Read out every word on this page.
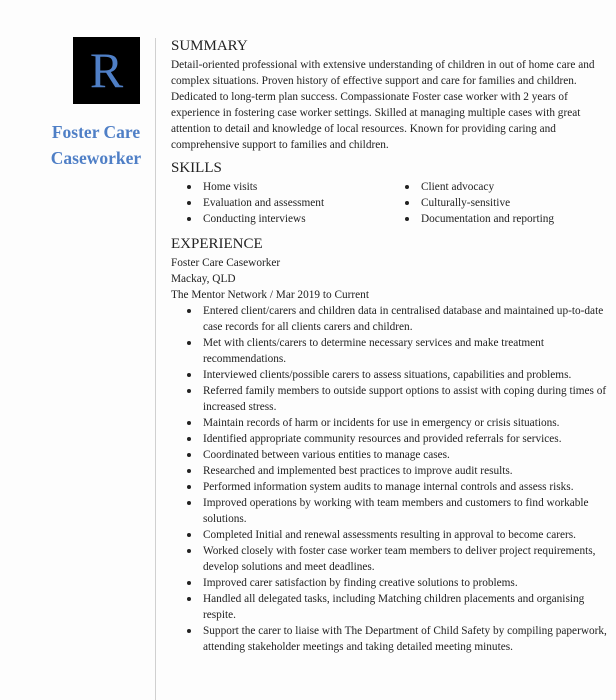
R
Foster Care
Caseworker
SUMMARY

Detail-oriented professional with extensive understanding of children in out of home care and complex situations. Proven history of effective support and care for families and children. Dedicated to long-term plan success. Compassionate Foster case worker with 2 years of experience in fostering case worker settings. Skilled at managing multiple cases with great attention to detail and knowledge of local resources. Known for providing caring and comprehensive support to families and children.

SKILLS
Home visits
Evaluation and assessment
Conducting interviews
Client advocacy
Culturally-sensitive
Documentation and reporting
EXPERIENCE
Foster Care Caseworker
Mackay, QLD
The Mentor Network / Mar 2019 to Current
Entered client/carers and children data in centralised database and maintained up-to-date case records for all clients carers and children.
Met with clients/carers to determine necessary services and make treatment recommendations.
Interviewed clients/possible carers to assess situations, capabilities and problems.
Referred family members to outside support options to assist with coping during times of increased stress.
Maintain records of harm or incidents for use in emergency or crisis situations.
Identified appropriate community resources and provided referrals for services.
Coordinated between various entities to manage cases.
Researched and implemented best practices to improve audit results.
Performed information system audits to manage internal controls and assess risks.
Improved operations by working with team members and customers to find workable solutions.
Completed Initial and renewal assessments resulting in approval to become carers.
Worked closely with foster case worker team members to deliver project requirements, develop solutions and meet deadlines.
Improved carer satisfaction by finding creative solutions to problems.
Handled all delegated tasks, including Matching children placements and organising respite.
Support the carer to liaise with The Department of Child Safety by compiling paperwork, attending stakeholder meetings and taking detailed meeting minutes.
